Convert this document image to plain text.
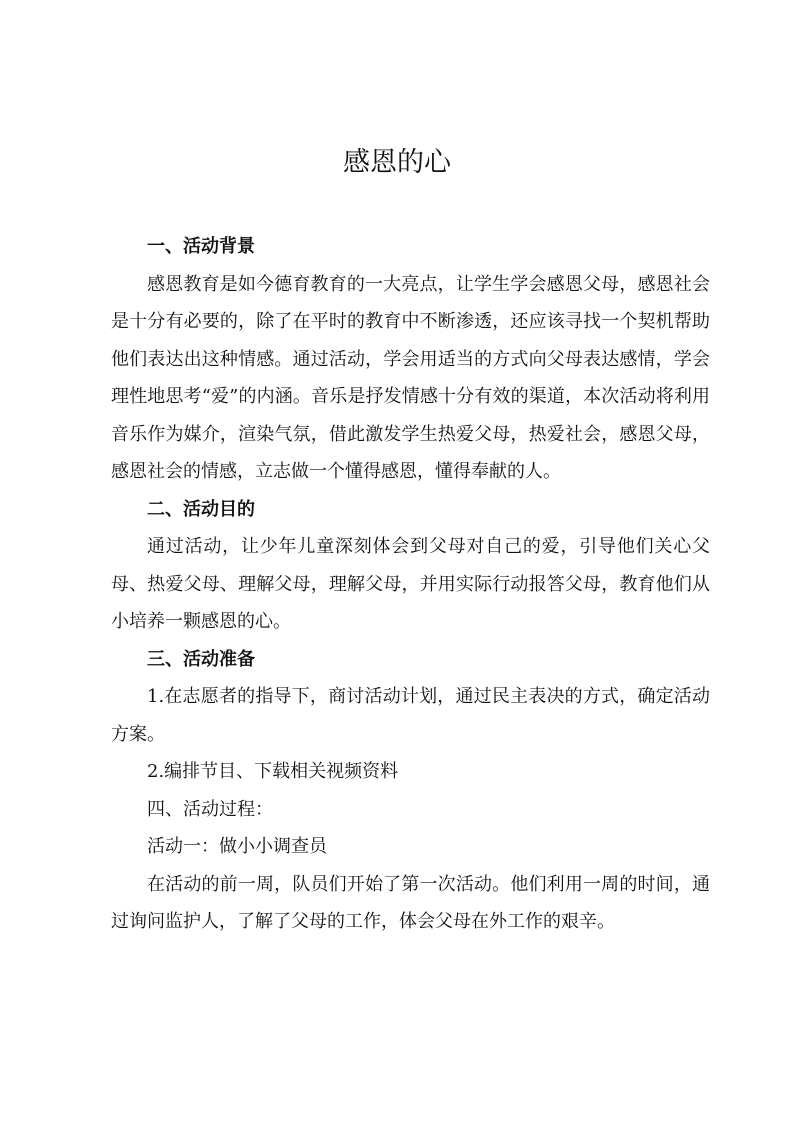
感恩的心

一、活动背景

感恩教育是如今德育教育的一大亮点，让学生学会感恩父母，感恩社会是十分有必要的，除了在平时的教育中不断渗透，还应该寻找一个契机帮助他们表达出这种情感。通过活动，学会用适当的方式向父母表达感情，学会理性地思考“爱”的内涵。音乐是抒发情感十分有效的渠道，本次活动将利用音乐作为媒介，渲染气氛，借此激发学生热爱父母，热爱社会，感恩父母，感恩社会的情感，立志做一个懂得感恩，懂得奉献的人。

二、活动目的

通过活动，让少年儿童深刻体会到父母对自己的爱，引导他们关心父母、热爱父母、理解父母，理解父母，并用实际行动报答父母，教育他们从小培养一颗感恩的心。

三、活动准备

1.在志愿者的指导下，商讨活动计划，通过民主表决的方式，确定活动方案。

2.编排节目、下载相关视频资料

四、活动过程：

活动一：做小小调查员

在活动的前一周，队员们开始了第一次活动。他们利用一周的时间，通过询问监护人，了解了父母的工作，体会父母在外工作的艰辛。
